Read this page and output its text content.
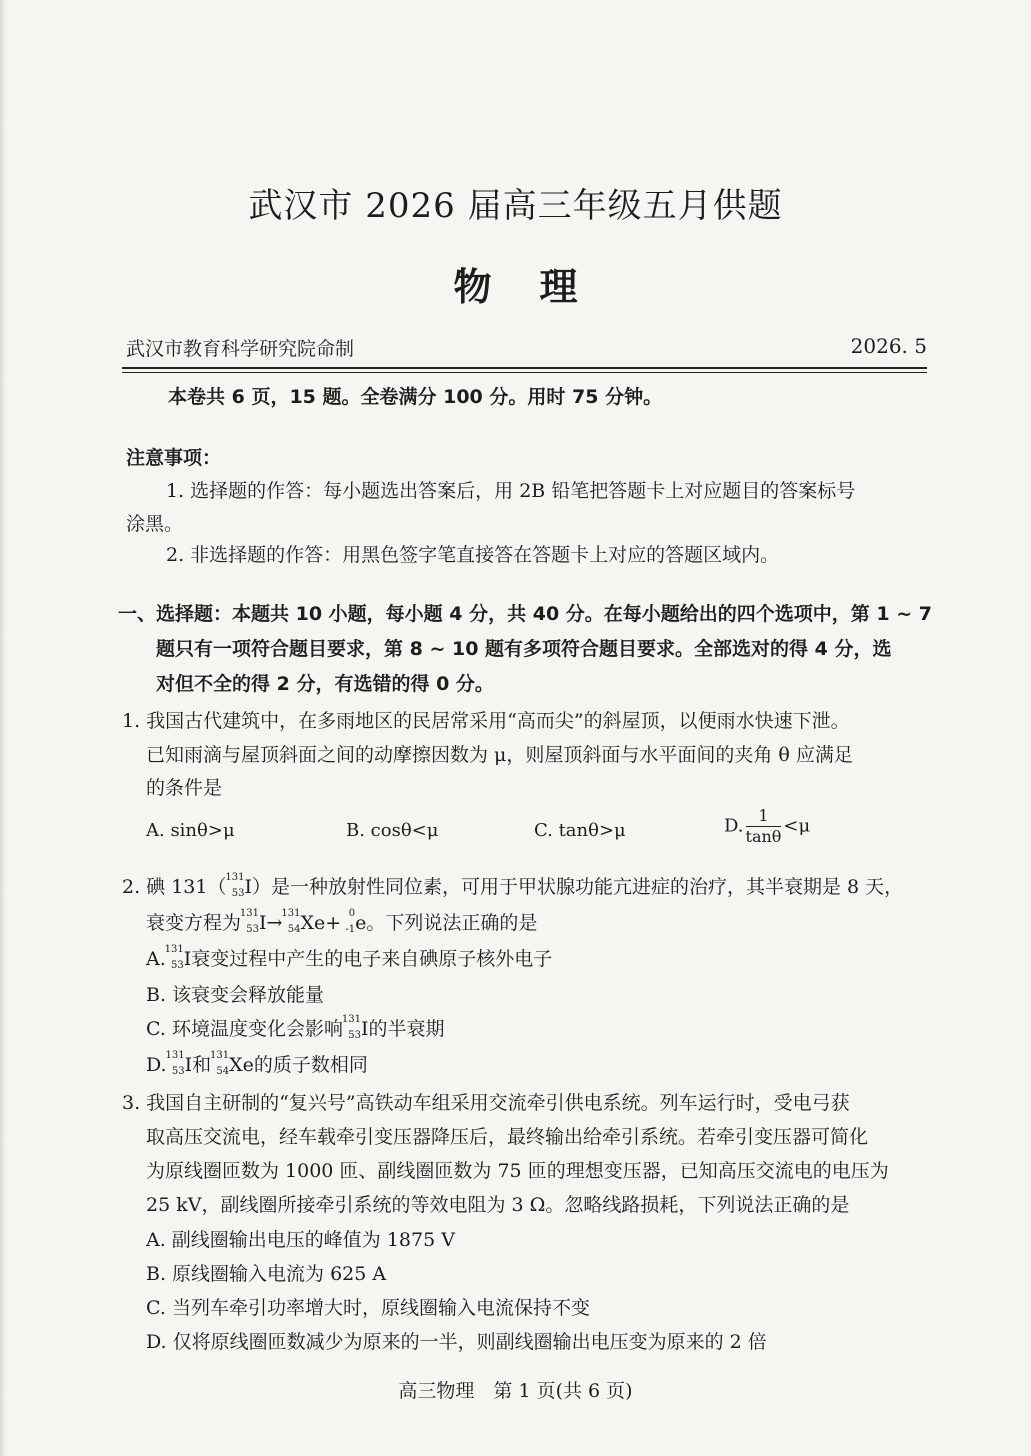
武汉市 2026 届高三年级五月供题
物理
武汉市教育科学研究院命制	2026. 5
本卷共 6 页，15 题。全卷满分 100 分。用时 75 分钟。
注意事项：
1. 选择题的作答：每小题选出答案后，用 2B 铅笔把答题卡上对应题目的答案标号
涂黑。
2. 非选择题的作答：用黑色签字笔直接答在答题卡上对应的答题区域内。
一、选择题：本题共 10 小题，每小题 4 分，共 40 分。在每小题给出的四个选项中，第 1 ~ 7
题只有一项符合题目要求，第 8 ~ 10 题有多项符合题目要求。全部选对的得 4 分，选
对但不全的得 2 分，有选错的得 0 分。
1. 我国古代建筑中，在多雨地区的民居常采用“高而尖”的斜屋顶，以便雨水快速下泄。
已知雨滴与屋顶斜面之间的动摩擦因数为 μ，则屋顶斜面与水平面间的夹角 θ 应满足
的条件是
A. sinθ>μ	B. cosθ<μ	C. tanθ>μ	D. $\frac{1}{\tan\theta} <\mu$
2. 碘 131（
131
53 I）是一种放射性同位素，可用于甲状腺功能亢进症的治疗，其半衰期是 8 天，
衰变方程为
131
53 I→
131
54 Xe+ 0
-1 e。下列说法正确的是
A.
131
53 I衰变过程中产生的电子来自碘原子核外电子
B. 该衰变会释放能量
C. 环境温度变化会影响
131
53 I的半衰期
D.
131
53 I和
131
54 Xe的质子数相同
3. 我国自主研制的“复兴号”高铁动车组采用交流牵引供电系统。列车运行时，受电弓获
取高压交流电，经车载牵引变压器降压后，最终输出给牵引系统。若牵引变压器可简化
为原线圈匝数为 1000 匝、副线圈匝数为 75 匝的理想变压器，已知高压交流电的电压为
25 kV，副线圈所接牵引系统的等效电阻为 3 Ω。忽略线路损耗，下列说法正确的是
A. 副线圈输出电压的峰值为 1875 V
B. 原线圈输入电流为 625 A
C. 当列车牵引功率增大时，原线圈输入电流保持不变
D. 仅将原线圈匝数减少为原来的一半，则副线圈输出电压变为原来的 2 倍
高三物理　第 1 页(共 6 页)
